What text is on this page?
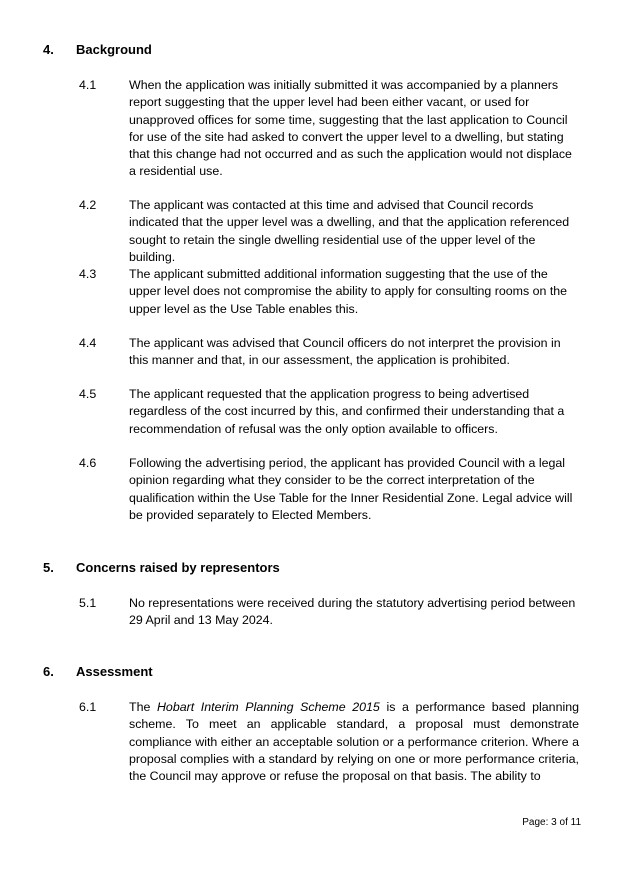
4. Background
4.1	When the application was initially submitted it was accompanied by a planners report suggesting that the upper level had been either vacant, or used for unapproved offices for some time, suggesting that the last application to Council for use of the site had asked to convert the upper level to a dwelling, but stating that this change had not occurred and as such the application would not displace a residential use.
4.2	The applicant was contacted at this time and advised that Council records indicated that the upper level was a dwelling, and that the application referenced sought to retain the single dwelling residential use of the upper level of the building.
4.3	The applicant submitted additional information suggesting that the use of the upper level does not compromise the ability to apply for consulting rooms on the upper level as the Use Table enables this.
4.4	The applicant was advised that Council officers do not interpret the provision in this manner and that, in our assessment, the application is prohibited.
4.5	The applicant requested that the application progress to being advertised regardless of the cost incurred by this, and confirmed their understanding that a recommendation of refusal was the only option available to officers.
4.6	Following the advertising period, the applicant has provided Council with a legal opinion regarding what they consider to be the correct interpretation of the qualification within the Use Table for the Inner Residential Zone. Legal advice will be provided separately to Elected Members.
5. Concerns raised by representors
5.1	No representations were received during the statutory advertising period between 29 April and 13 May 2024.
6. Assessment
6.1	The Hobart Interim Planning Scheme 2015 is a performance based planning scheme. To meet an applicable standard, a proposal must demonstrate compliance with either an acceptable solution or a performance criterion. Where a proposal complies with a standard by relying on one or more performance criteria, the Council may approve or refuse the proposal on that basis. The ability to
Page: 3 of 11
